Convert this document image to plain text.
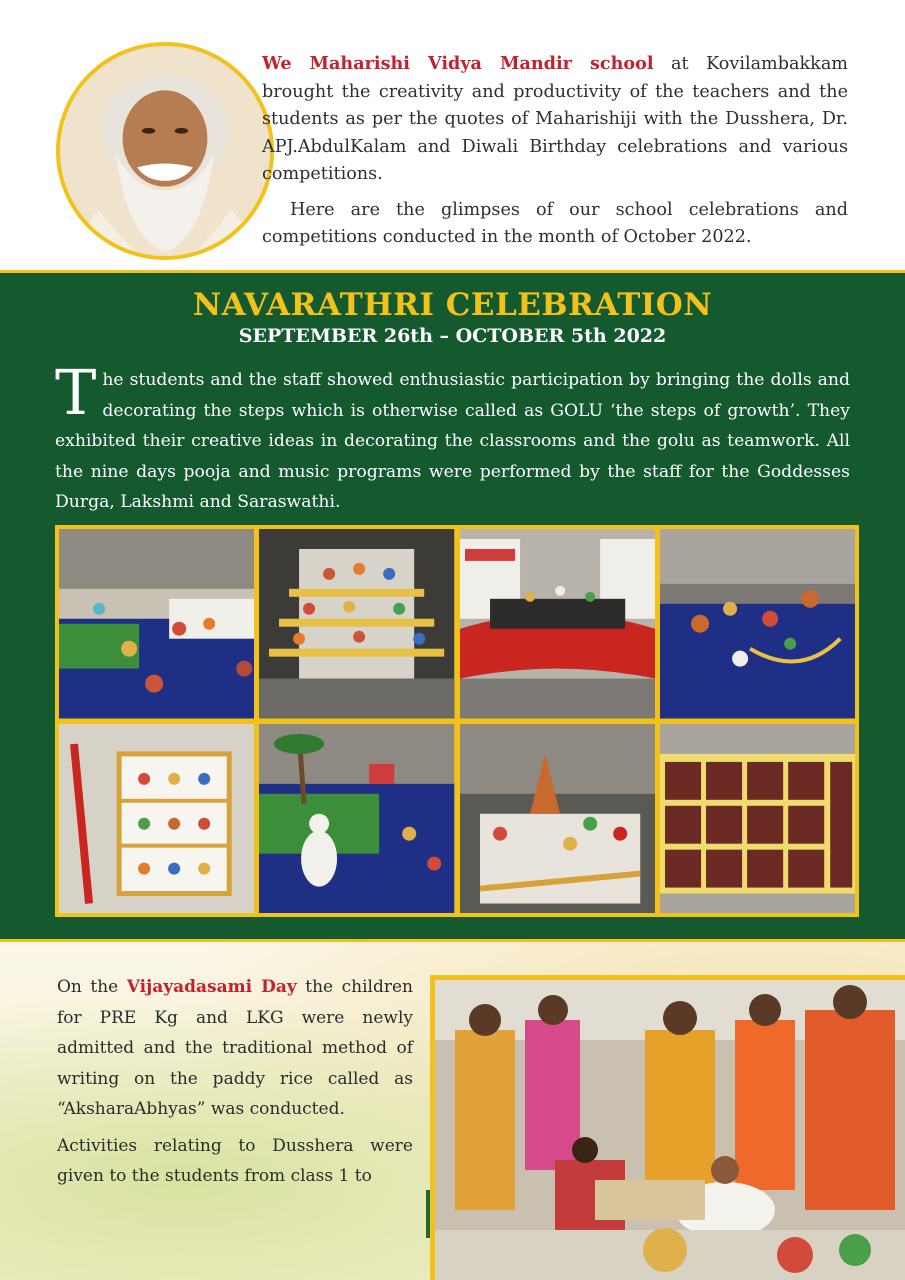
We Maharishi Vidya Mandir school at Kovilambakkam brought the creativity and productivity of the teachers and the students as per the quotes of Maharishiji with the Dusshera, Dr. APJ.AbdulKalam and Diwali Birthday celebrations and various competitions.

Here are the glimpses of our school celebrations and competitions conducted in the month of October 2022.

NAVARATHRI CELEBRATION
SEPTEMBER 26th – OCTOBER 5th 2022

The students and the staff showed enthusiastic participation by bringing the dolls and decorating the steps which is otherwise called as GOLU ‘the steps of growth’. They exhibited their creative ideas in decorating the classrooms and the golu as teamwork. All the nine days pooja and music programs were performed by the staff for the Goddesses Durga, Lakshmi and Saraswathi.

On the Vijayadasami Day the children for PRE Kg and LKG were newly admitted and the traditional method of writing on the paddy rice called as “AksharaAbhyas” was conducted.

Activities relating to Dusshera were given to the students from class 1 to
